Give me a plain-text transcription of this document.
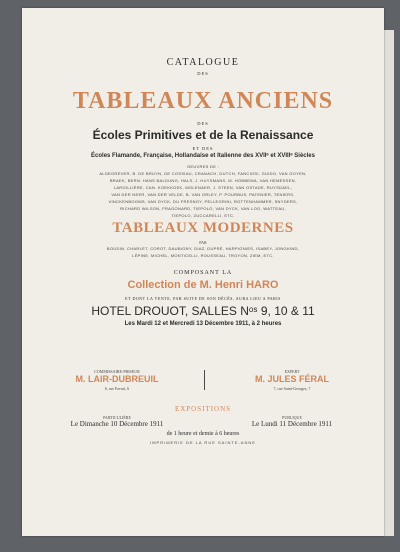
CATALOGUE
DES
TABLEAUX ANCIENS
DES
Écoles Primitives et de la Renaissance
ET DES
Écoles Flamande, Française, Hollandaise et Italienne des XVIIᵉ et XVIIIᵉ Siècles
OEUVRES DE :
ALDEGREVER, B. DE BRUYN, DE COSSIAU, CRANACH, DUTCH, FANCIOSI, GUIDO, VAN GOYEN,
BRAEK, BERN. HANS BALDUNG, HALS, J. HUYSMANS, M. HOBBEMA, VAN HEMESSEN,
LARGILLIÈRE, CAN. KOEKKOEK, MOLENAER, J. STEEN, VAN OSTADE, RUYSDAEL,
VAN DER NEER, VAN DER VELDE, B. VAN ORLEY, P. POURBUS, PATENIER, TENIERS,
VINCKENBOOMS, VAN DYCK, DU FRESNOY, PELLEGRINI, ROTTENHAMMER, SNYDERS,
RICHARD WILSON, FRAGONARD, TIEPOLO, VAN DYCK, VAN LOO, WATTEAU,
TIEPOLO, ZUCCARELLI, ETC.
TABLEAUX MODERNES
PAR
BOUDIN, CHARLET, COROT, DAUBIGNY, DIAZ, DUPRÉ, HARPIGNIES, ISABEY, JONGKIND,
LÉPINE, MICHEL, MONTICELLI, ROUSSEAU, TROYON, ZIEM, ETC.
COMPOSANT LA
Collection de M. Henri HARO
ET DONT LA VENTE, PAR SUITE DE SON DÉCÈS, AURA LIEU A PARIS
HOTEL DROUOT, SALLES Nᵒˢ 9, 10 & 11
Les Mardi 12 et Mercredi 13 Décembre 1911, à 2 heures
COMMISSAIRE-PRISEUR
M. LAIR-DUBREUIL
6, rue Favart, 6
EXPERT
M. JULES FÉRAL
7, rue Saint-Georges, 7
EXPOSITIONS
PARTICULIÈRE
Le Dimanche 10 Décembre 1911
PUBLIQUE
Le Lundi 11 Décembre 1911
de 1 heure et demie à 6 heures
IMPRIMERIE DE LA RUE SAINTE-ANNE
